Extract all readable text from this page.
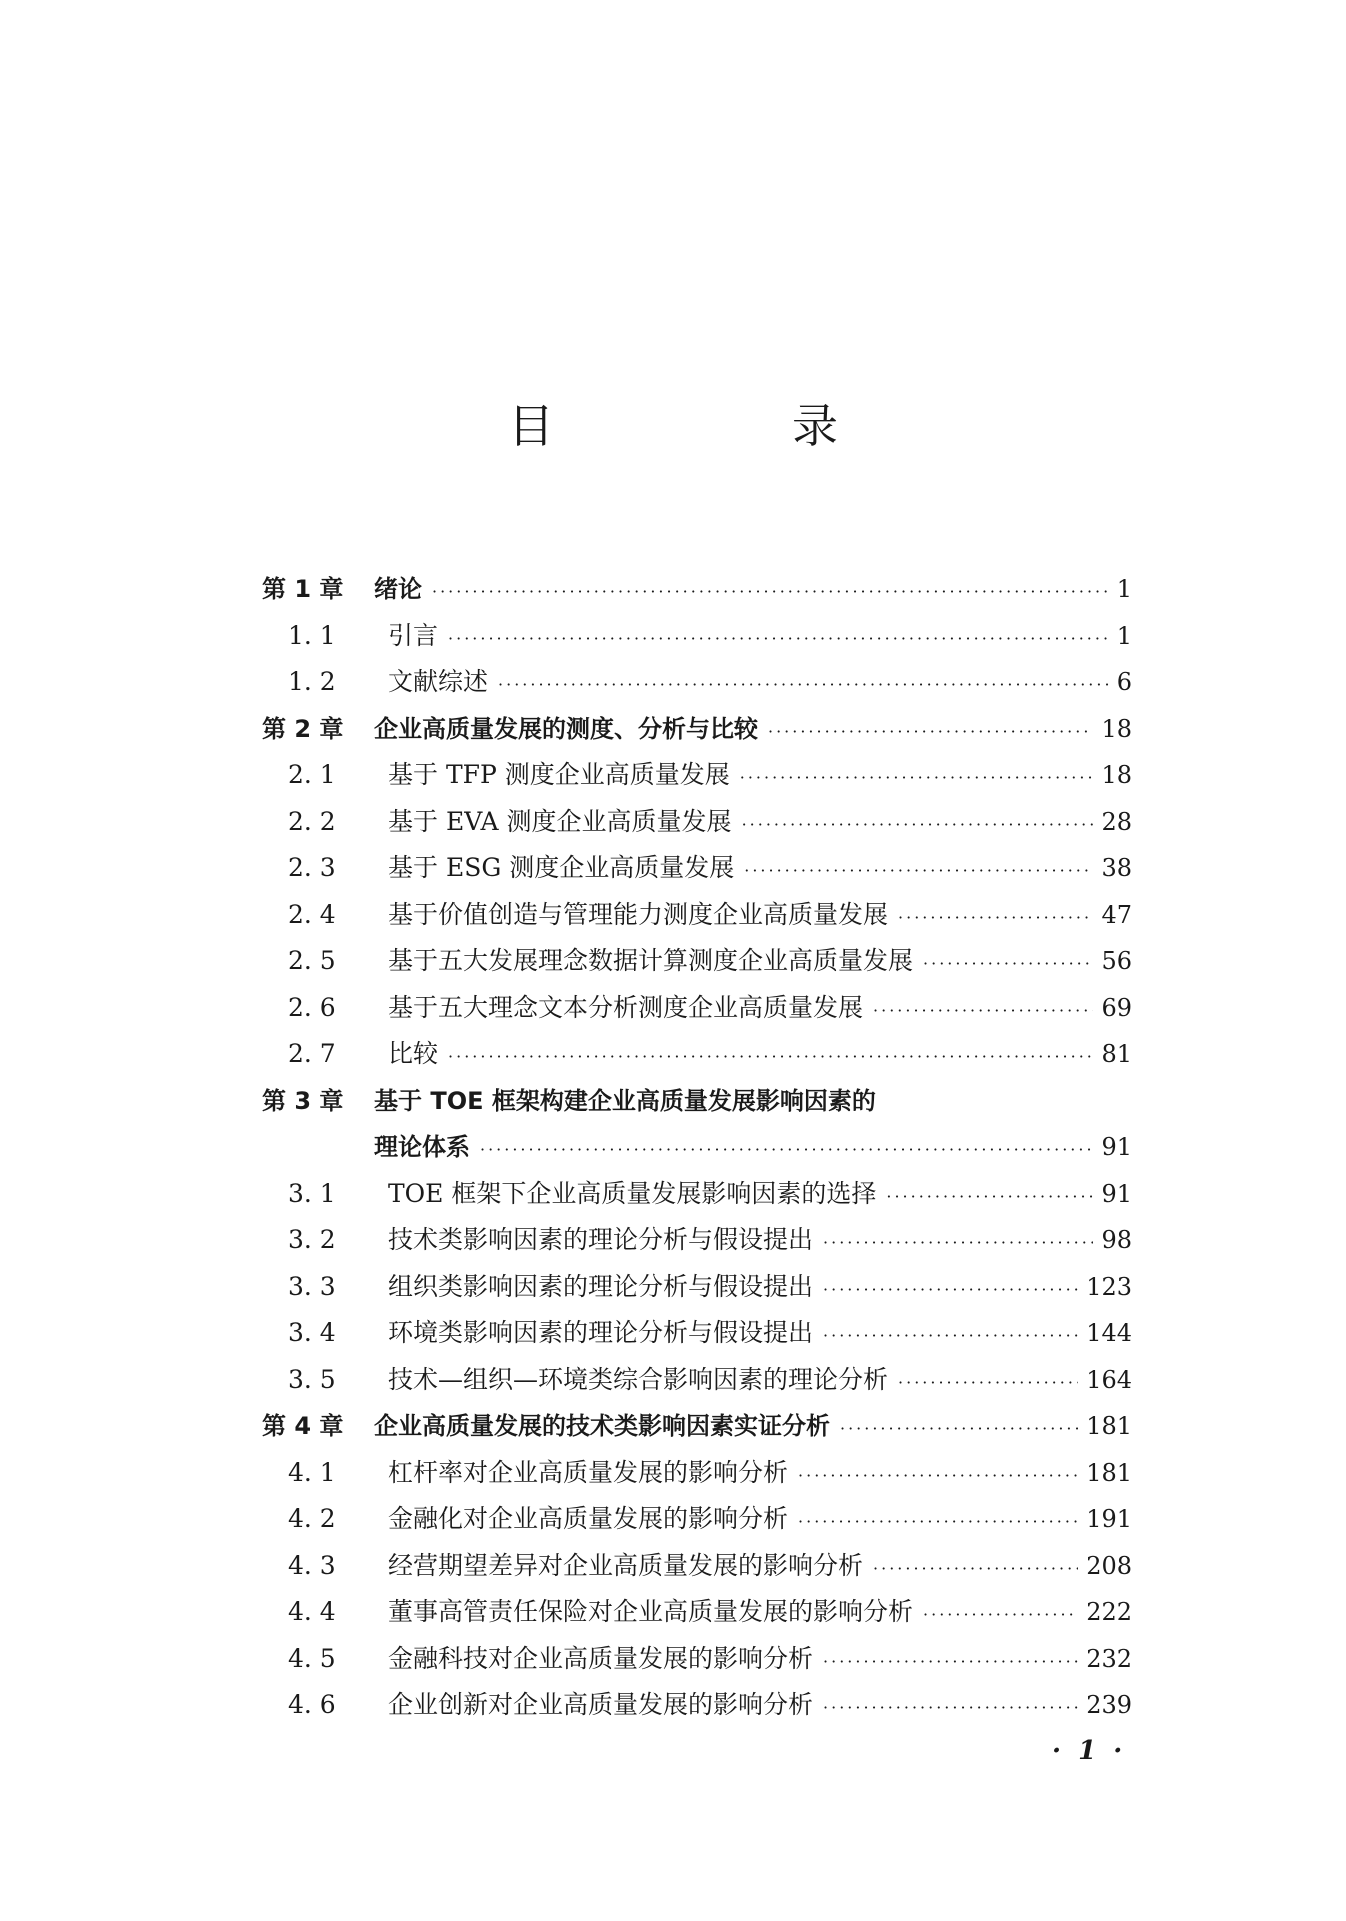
目　录
第 1 章	绪论 ·····	1
1. 1	引言 ·····	1
1. 2	文献综述 ·····	6
第 2 章	企业高质量发展的测度、分析与比较 ·····	18
2. 1	基于 TFP 测度企业高质量发展 ·····	18
2. 2	基于 EVA 测度企业高质量发展 ·····	28
2. 3	基于 ESG 测度企业高质量发展 ·····	38
2. 4	基于价值创造与管理能力测度企业高质量发展 ·····	47
2. 5	基于五大发展理念数据计算测度企业高质量发展 ·····	56
2. 6	基于五大理念文本分析测度企业高质量发展 ·····	69
2. 7	比较 ·····	81
第 3 章	基于 TOE 框架构建企业高质量发展影响因素的
理论体系 ·····	91
3. 1	TOE 框架下企业高质量发展影响因素的选择 ·····	91
3. 2	技术类影响因素的理论分析与假设提出 ·····	98
3. 3	组织类影响因素的理论分析与假设提出 ·····	123
3. 4	环境类影响因素的理论分析与假设提出 ·····	144
3. 5	技术—组织—环境类综合影响因素的理论分析 ·····	164
第 4 章	企业高质量发展的技术类影响因素实证分析 ·····	181
4. 1	杠杆率对企业高质量发展的影响分析 ·····	181
4. 2	金融化对企业高质量发展的影响分析 ·····	191
4. 3	经营期望差异对企业高质量发展的影响分析 ·····	208
4. 4	董事高管责任保险对企业高质量发展的影响分析 ·····	222
4. 5	金融科技对企业高质量发展的影响分析 ·····	232
4. 6	企业创新对企业高质量发展的影响分析 ·····	239
· 1 ·
